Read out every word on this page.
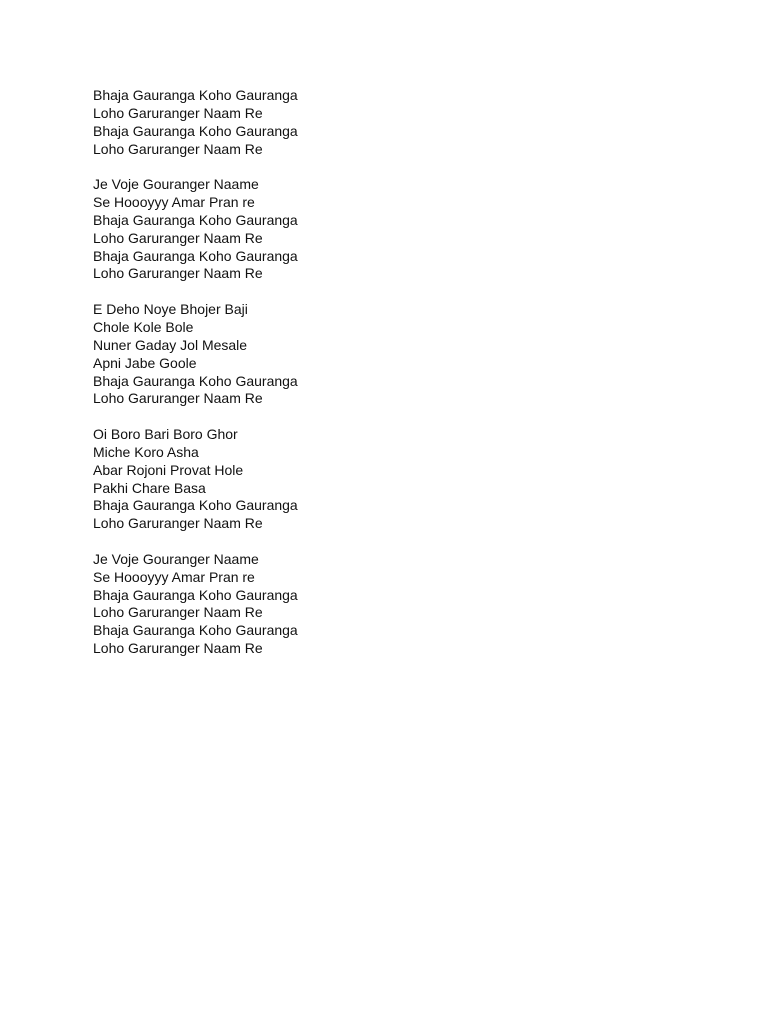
Bhaja Gauranga Koho Gauranga
Loho Garuranger Naam Re
Bhaja Gauranga Koho Gauranga
Loho Garuranger Naam Re
Je Voje Gouranger Naame
Se Hoooyyy Amar Pran re
Bhaja Gauranga Koho Gauranga
Loho Garuranger Naam Re
Bhaja Gauranga Koho Gauranga
Loho Garuranger Naam Re
E Deho Noye Bhojer Baji
Chole Kole Bole
Nuner Gaday Jol Mesale
Apni Jabe Goole
Bhaja Gauranga Koho Gauranga
Loho Garuranger Naam Re
Oi Boro Bari Boro Ghor
Miche Koro Asha
Abar Rojoni Provat Hole
Pakhi Chare Basa
Bhaja Gauranga Koho Gauranga
Loho Garuranger Naam Re
Je Voje Gouranger Naame
Se Hoooyyy Amar Pran re
Bhaja Gauranga Koho Gauranga
Loho Garuranger Naam Re
Bhaja Gauranga Koho Gauranga
Loho Garuranger Naam Re
